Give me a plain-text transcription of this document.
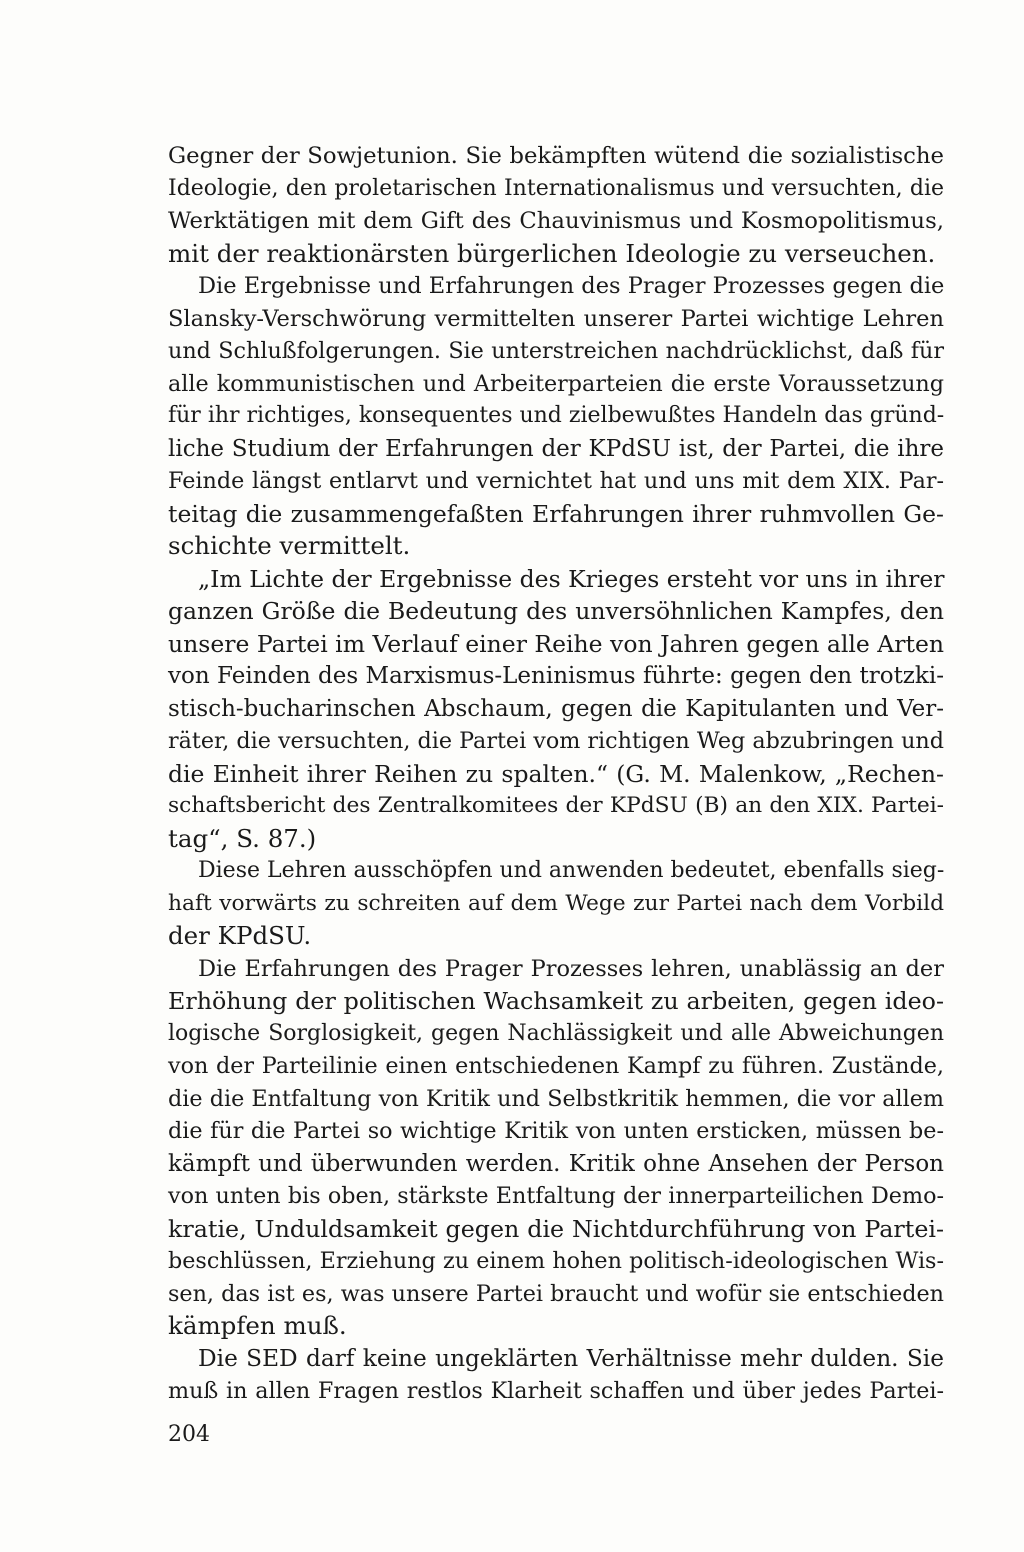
Gegner der Sowjetunion. Sie bekämpften wütend die sozialistische
Ideologie, den proletarischen Internationalismus und versuchten, die
Werktätigen mit dem Gift des Chauvinismus und Kosmopolitismus,
mit der reaktionärsten bürgerlichen Ideologie zu verseuchen.
Die Ergebnisse und Erfahrungen des Prager Prozesses gegen die
Slansky-Verschwörung vermittelten unserer Partei wichtige Lehren
und Schlußfolgerungen. Sie unterstreichen nachdrücklichst, daß für
alle kommunistischen und Arbeiterparteien die erste Voraussetzung
für ihr richtiges, konsequentes und zielbewußtes Handeln das gründ-
liche Studium der Erfahrungen der KPdSU ist, der Partei, die ihre
Feinde längst entlarvt und vernichtet hat und uns mit dem XIX. Par-
teitag die zusammengefaßten Erfahrungen ihrer ruhmvollen Ge-
schichte vermittelt.
„Im Lichte der Ergebnisse des Krieges ersteht vor uns in ihrer
ganzen Größe die Bedeutung des unversöhnlichen Kampfes, den
unsere Partei im Verlauf einer Reihe von Jahren gegen alle Arten
von Feinden des Marxismus-Leninismus führte: gegen den trotzki-
stisch-bucharinschen Abschaum, gegen die Kapitulanten und Ver-
räter, die versuchten, die Partei vom richtigen Weg abzubringen und
die Einheit ihrer Reihen zu spalten.“ (G. M. Malenkow, „Rechen-
schaftsbericht des Zentralkomitees der KPdSU (B) an den XIX. Partei-
tag“, S. 87.)
Diese Lehren ausschöpfen und anwenden bedeutet, ebenfalls sieg-
haft vorwärts zu schreiten auf dem Wege zur Partei nach dem Vorbild
der KPdSU.
Die Erfahrungen des Prager Prozesses lehren, unablässig an der
Erhöhung der politischen Wachsamkeit zu arbeiten, gegen ideo-
logische Sorglosigkeit, gegen Nachlässigkeit und alle Abweichungen
von der Parteilinie einen entschiedenen Kampf zu führen. Zustände,
die die Entfaltung von Kritik und Selbstkritik hemmen, die vor allem
die für die Partei so wichtige Kritik von unten ersticken, müssen be-
kämpft und überwunden werden. Kritik ohne Ansehen der Person
von unten bis oben, stärkste Entfaltung der innerparteilichen Demo-
kratie, Unduldsamkeit gegen die Nichtdurchführung von Partei-
beschlüssen, Erziehung zu einem hohen politisch-ideologischen Wis-
sen, das ist es, was unsere Partei braucht und wofür sie entschieden
kämpfen muß.
Die SED darf keine ungeklärten Verhältnisse mehr dulden. Sie
muß in allen Fragen restlos Klarheit schaffen und über jedes Partei-
204
